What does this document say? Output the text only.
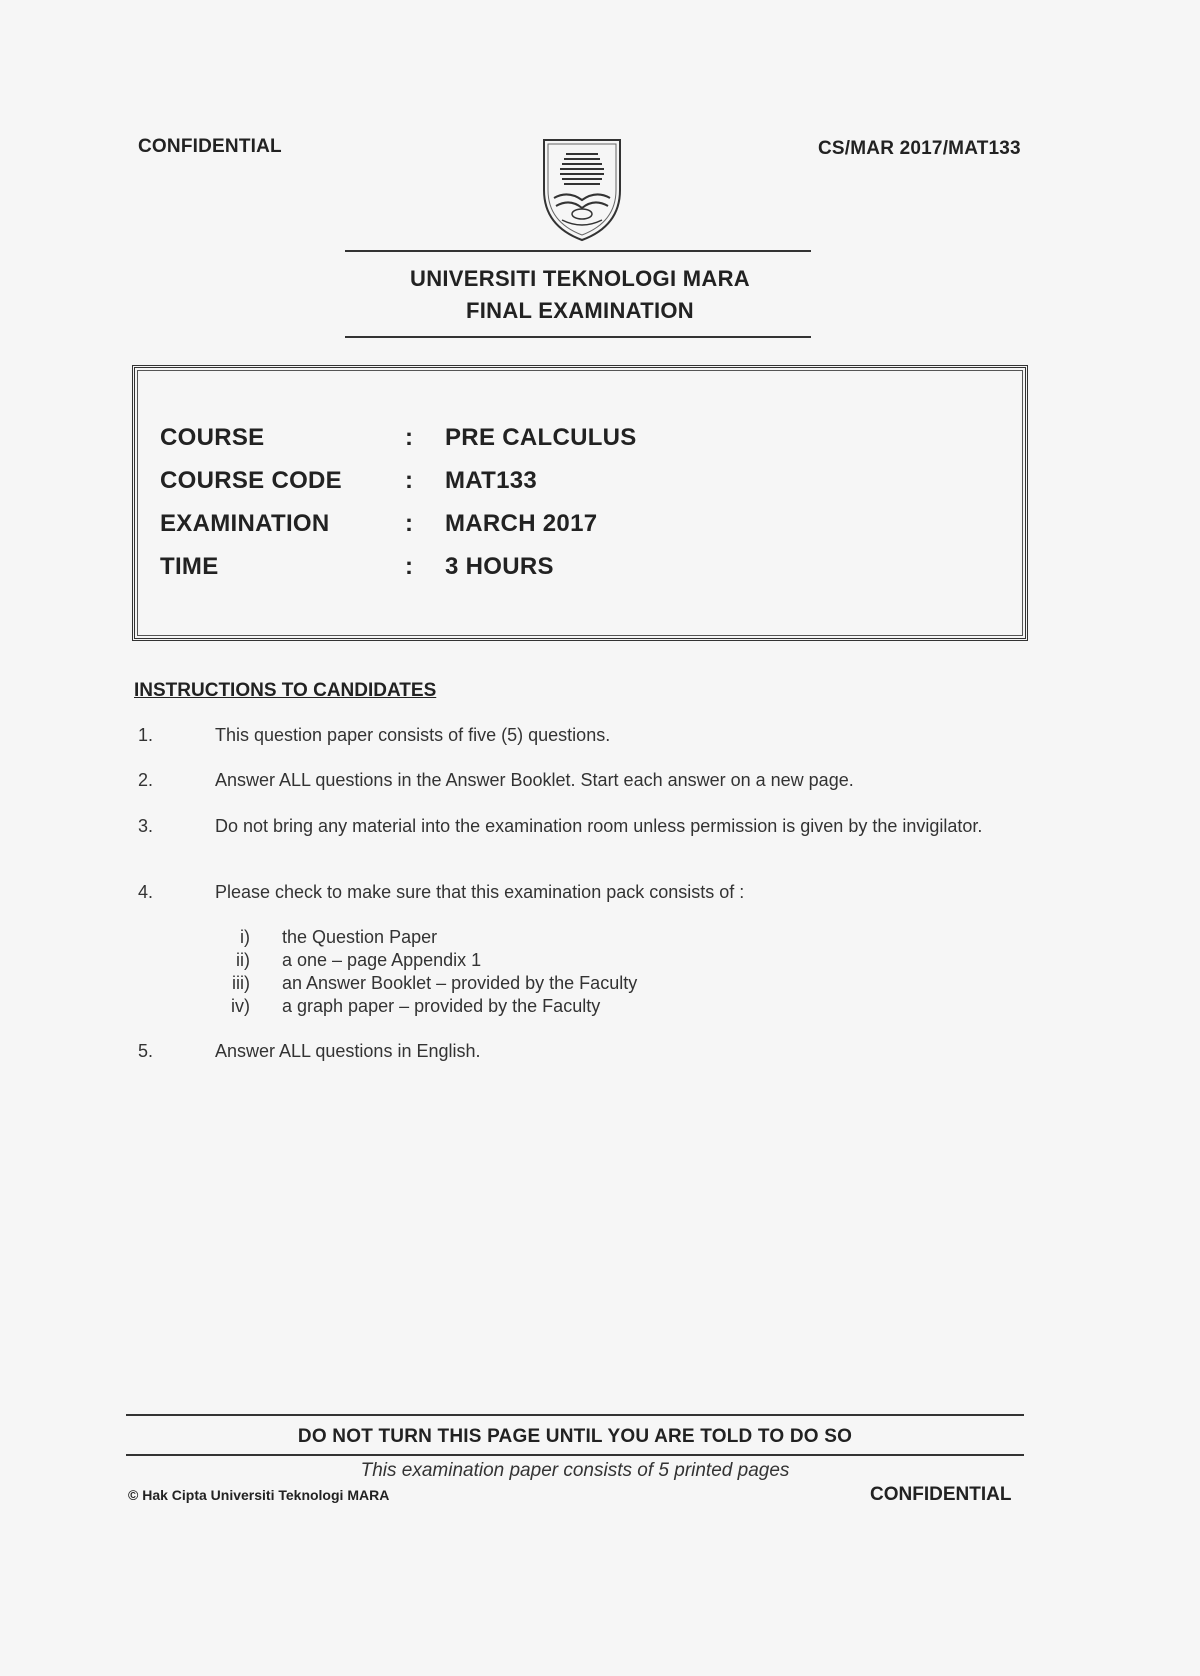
CONFIDENTIAL	CS/MAR 2017/MAT133
UNIVERSITI TEKNOLOGI MARA
FINAL EXAMINATION
COURSE	: PRE CALCULUS
COURSE CODE	: MAT133
EXAMINATION	: MARCH 2017
TIME	: 3 HOURS
INSTRUCTIONS TO CANDIDATES
1.	This question paper consists of five (5) questions.
2.	Answer ALL questions in the Answer Booklet. Start each answer on a new page.
3.	Do not bring any material into the examination room unless permission is given by the invigilator.
4.	Please check to make sure that this examination pack consists of :
i) the Question Paper
ii) a one – page Appendix 1
iii) an Answer Booklet – provided by the Faculty
iv) a graph paper – provided by the Faculty
5.	Answer ALL questions in English.
DO NOT TURN THIS PAGE UNTIL YOU ARE TOLD TO DO SO
This examination paper consists of 5 printed pages
© Hak Cipta Universiti Teknologi MARA	CONFIDENTIAL
